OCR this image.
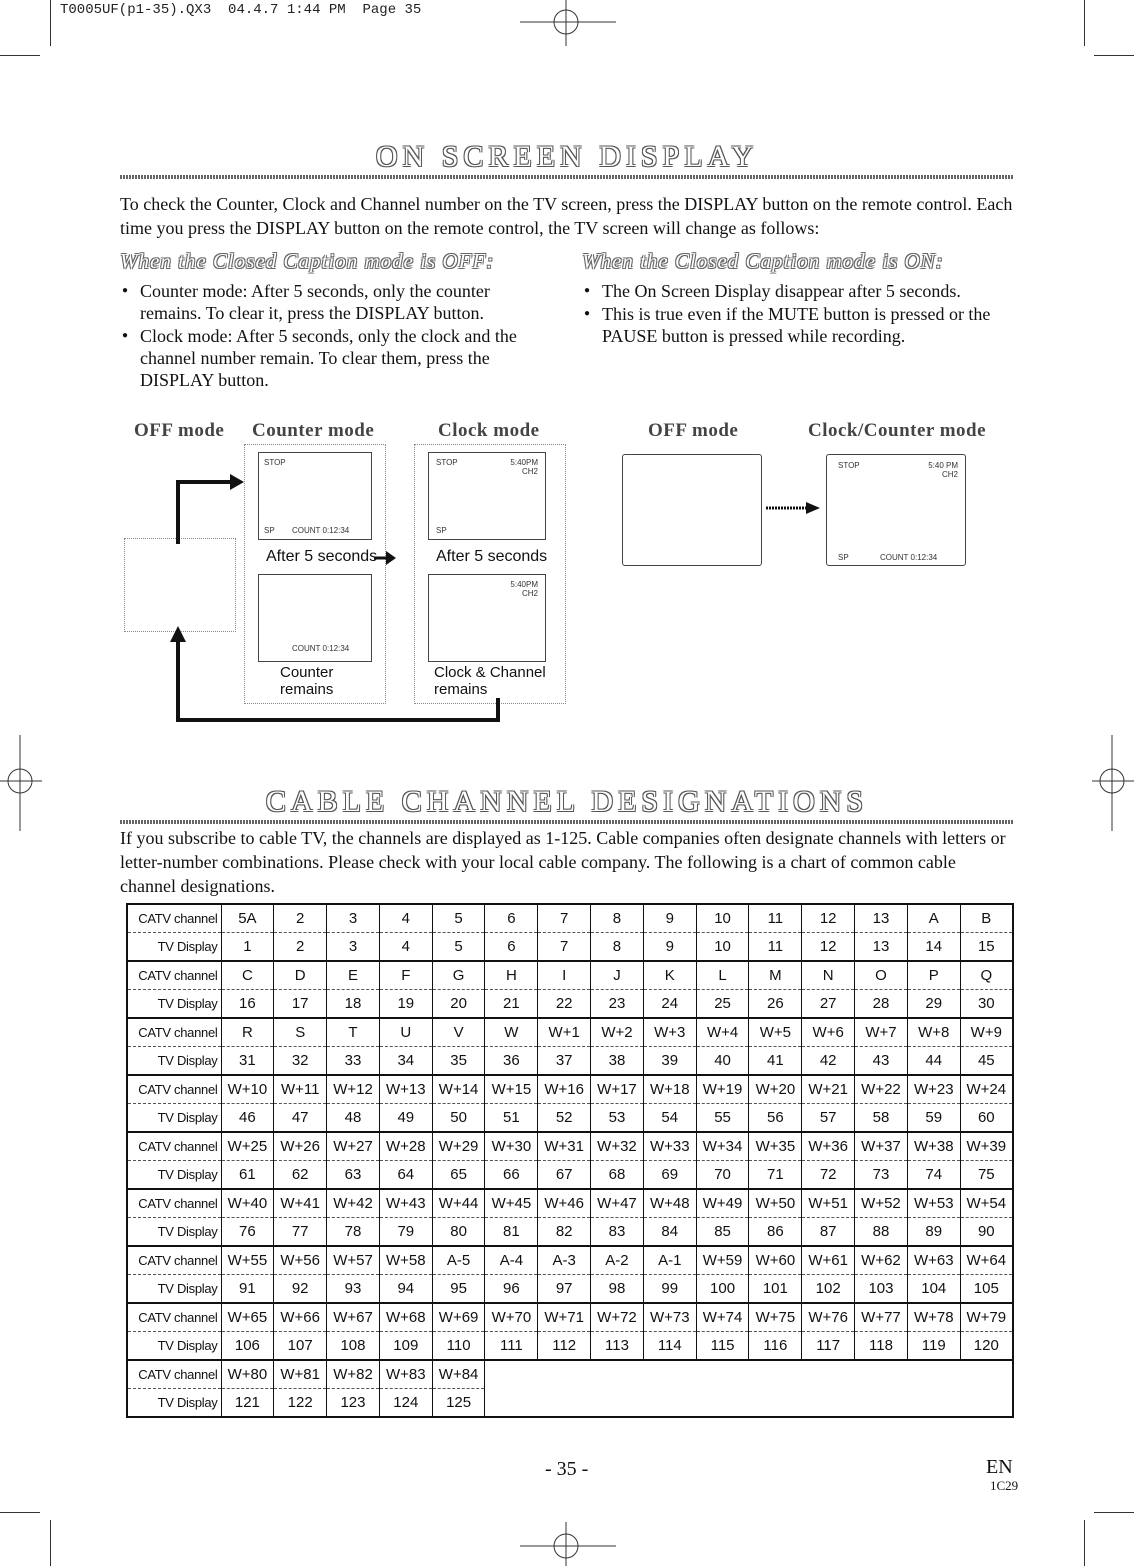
T0005UF(p1-35).QX3 04.4.7 1:44 PM Page 35
ON SCREEN DISPLAY
To check the Counter, Clock and Channel number on the TV screen, press the DISPLAY button on the remote control. Each time you press the DISPLAY button on the remote control, the TV screen will change as follows:
When the Closed Caption mode is OFF:
● Counter mode: After 5 seconds, only the counter remains. To clear it, press the DISPLAY button.
● Clock mode: After 5 seconds, only the clock and the channel number remain. To clear them, press the DISPLAY button.
When the Closed Caption mode is ON:
● The On Screen Display disappear after 5 seconds.
● This is true even if the MUTE button is pressed or the PAUSE button is pressed while recording.
OFF mode Counter mode	Clock mode
STOP
SP COUNT 0:12:34
After 5 seconds
COUNT 0:12:34
Counter
remains
STOP	5:40PM
CH2
SP
After 5 seconds
5:40PM
CH2
Clock & Channel
remains
OFF mode	Clock/Counter mode
STOP	5:40 PM
CH2
SP	COUNT 0:12:34
CABLE CHANNEL DESIGNATIONS
If you subscribe to cable TV, the channels are displayed as 1-125. Cable companies often designate channels with letters or letter-number combinations. Please check with your local cable company. The following is a chart of common cable channel designations.
CATV channel	5A	2	3	4	5	6	7	8	9	10	11	12	13	A	B
TV Display	1	2	3	4	5	6	7	8	9	10	11	12	13	14	15
CATV channel	C	D	E	F	G	H	I	J	K	L	M	N	O	P	Q
TV Display	16	17	18	19	20	21	22	23	24	25	26	27	28	29	30
CATV channel	R	S	T	U	V	W	W+1	W+2	W+3	W+4	W+5	W+6	W+7	W+8	W+9
TV Display	31	32	33	34	35	36	37	38	39	40	41	42	43	44	45
CATV channel	W+10	W+11	W+12	W+13	W+14	W+15	W+16	W+17	W+18	W+19	W+20	W+21	W+22	W+23	W+24
TV Display	46	47	48	49	50	51	52	53	54	55	56	57	58	59	60
CATV channel	W+25	W+26	W+27	W+28	W+29	W+30	W+31	W+32	W+33	W+34	W+35	W+36	W+37	W+38	W+39
TV Display	61	62	63	64	65	66	67	68	69	70	71	72	73	74	75
CATV channel	W+40	W+41	W+42	W+43	W+44	W+45	W+46	W+47	W+48	W+49	W+50	W+51	W+52	W+53	W+54
TV Display	76	77	78	79	80	81	82	83	84	85	86	87	88	89	90
CATV channel	W+55	W+56	W+57	W+58	A-5	A-4	A-3	A-2	A-1	W+59	W+60	W+61	W+62	W+63	W+64
TV Display	91	92	93	94	95	96	97	98	99	100	101	102	103	104	105
CATV channel	W+65	W+66	W+67	W+68	W+69	W+70	W+71	W+72	W+73	W+74	W+75	W+76	W+77	W+78	W+79
TV Display	106	107	108	109	110	111	112	113	114	115	116	117	118	119	120
CATV channel	W+80	W+81	W+82	W+83	W+84										
TV Display	121	122	123	124	125										
- 35 -	EN
1C29
